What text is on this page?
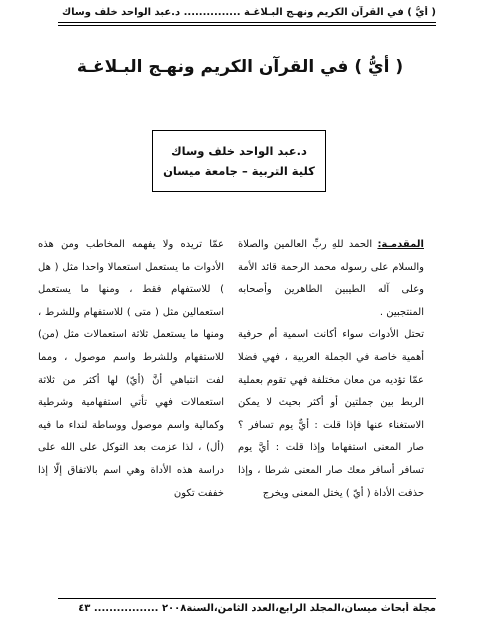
( أيُّ ) في القرآن الكريم ونهـج البـلاغـة ............... د.عبد الواحد خلف وساك
( أيُّ ) في القرآن الكريم ونهـج البـلاغـة
د.عبد الواحد خلف وساك
كلية التربية – جامعة ميسان

المقدمـة: الحمد للهِ ربِّ العالمين والصلاة والسلام على رسوله محمد الرحمة قائد الأمة وعلى آله الطيبين الطاهرين وأصحابه المنتجبين .

تحتل الأدوات سواء أكانت اسمية أم حرفية أهمية خاصة في الجملة العربية ، فهي فضلا عمّا تؤديه من معان مختلفة فهي تقوم بعملية الربط بين جملتين أو أكثر بحيث لا يمكن الاستغناء عنها فإذا قلت : أيٌّ يوم تسافر ؟ صار المعنى استفهاما وإذا قلت : أيَّ يوم تسافر أسافر معك صار المعنى شرطا ، وإذا حذفت الأداة ( أيّ ) يختل المعنى ويخرج

عمّا تريده ولا يفهمه المخاطب ومن هذه الأدوات ما يستعمل استعمالا واحدا مثل ( هل ) للاستفهام فقط ، ومنها ما يستعمل استعمالين مثل ( متى ) للاستفهام وللشرط ، ومنها ما يستعمل ثلاثة استعمالات مثل (من) للاستفهام وللشرط واسم موصول ، ومما لفت انتباهي أنَّ (أيّ) لها أكثر من ثلاثة استعمالات فهي تأتي استفهامية وشرطية وكمالية واسم موصول ووساطة لنداء ما فيه (أل) ، لذا عزمت بعد التوكل على الله على دراسة هذه الأداة وهي اسم بالاتفاق إلّا إذا خففت تكون

مجلة أبحاث ميسان،المجلد الرابع،العدد الثامن،السنة٢٠٠٨ ................. ٤٣
